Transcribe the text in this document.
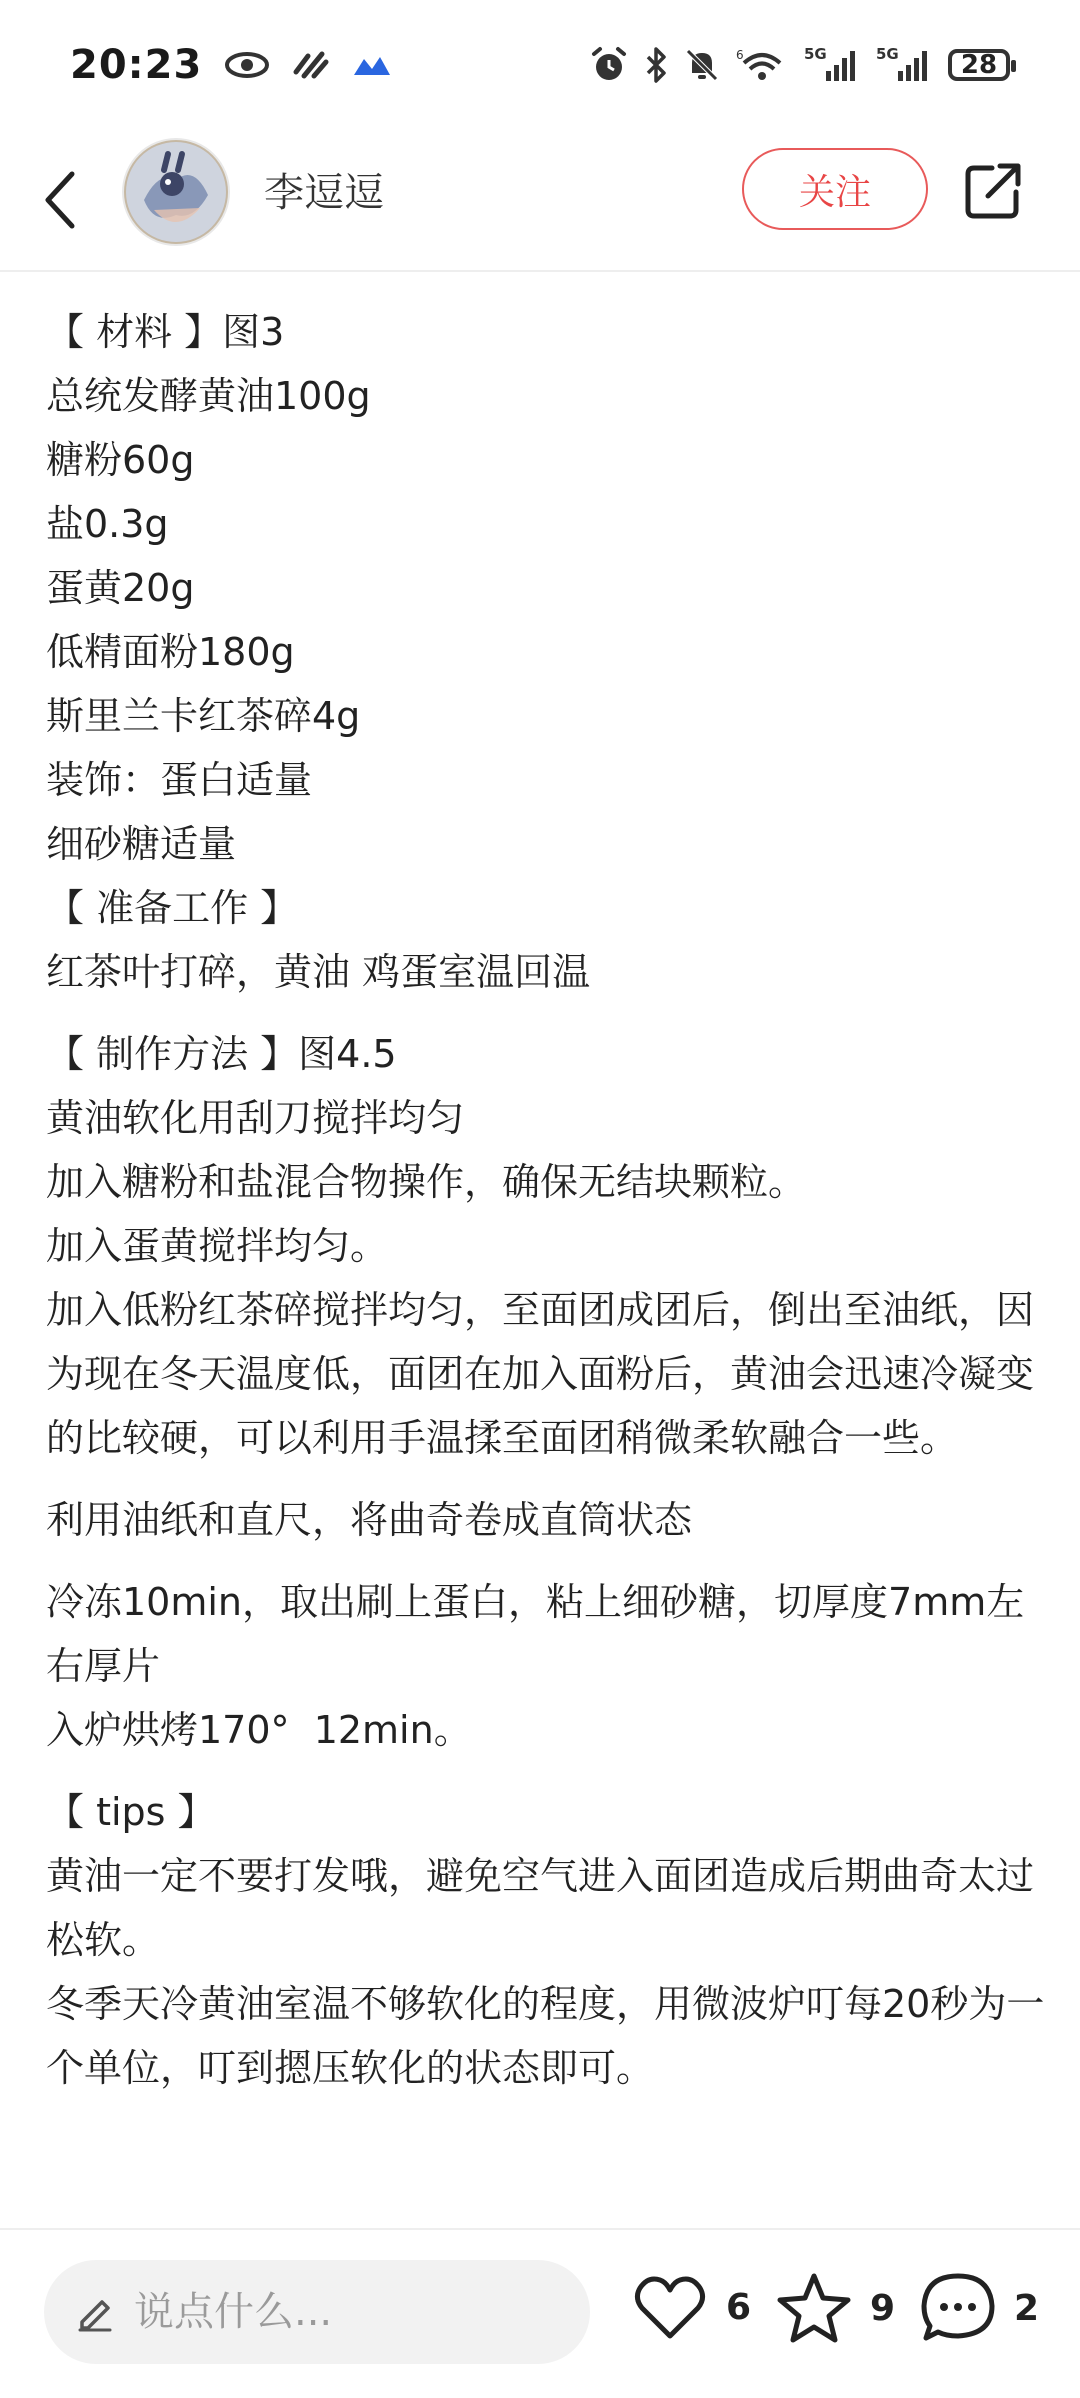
20:23	6	5G	5G	28
李逗逗	关注
【 材料 】图3
总统发酵黄油100g
糖粉60g
盐0.3g
蛋黄20g
低精面粉180g
斯里兰卡红茶碎4g
装饰：蛋白适量
细砂糖适量
【 准备工作 】
红茶叶打碎，黄油 鸡蛋室温回温
【 制作方法 】图4.5
黄油软化用刮刀搅拌均匀
加入糖粉和盐混合物操作，确保无结块颗粒。
加入蛋黄搅拌均匀。
加入低粉红茶碎搅拌均匀，至面团成团后，倒出至油纸，因为现在冬天温度低，面团在加入面粉后，黄油会迅速冷凝变的比较硬，可以利用手温揉至面团稍微柔软融合一些。
利用油纸和直尺，将曲奇卷成直筒状态
冷冻10min，取出刷上蛋白，粘上细砂糖，切厚度7mm左右厚片
入炉烘烤170°  12min。
【 tips 】
黄油一定不要打发哦，避免空气进入面团造成后期曲奇太过松软。
冬季天冷黄油室温不够软化的程度，用微波炉叮每20秒为一个单位，叮到摁压软化的状态即可。
说点什么...
6	9	2
